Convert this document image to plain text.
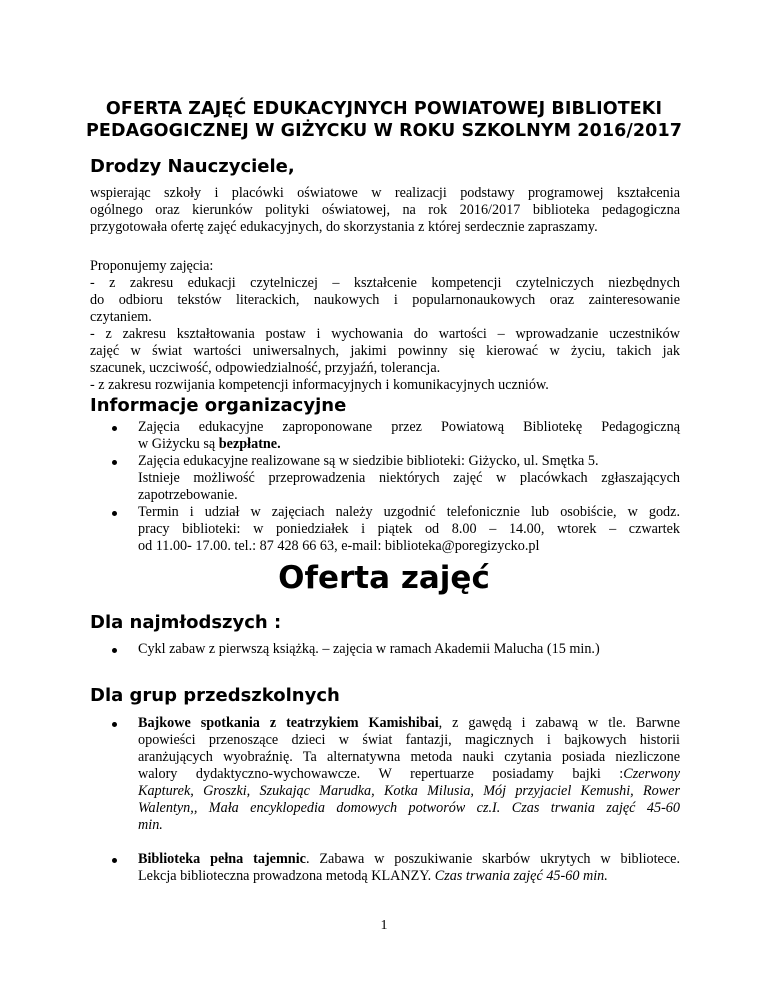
OFERTA ZAJĘĆ EDUKACYJNYCH POWIATOWEJ BIBLIOTEKI
PEDAGOGICZNEJ W GIŻYCKU W ROKU SZKOLNYM 2016/2017
Drodzy Nauczyciele,
wspierając szkoły i placówki oświatowe w realizacji podstawy programowej kształcenia
ogólnego oraz kierunków polityki oświatowej, na rok 2016/2017 biblioteka pedagogiczna
przygotowała ofertę zajęć edukacyjnych, do skorzystania z której serdecznie zapraszamy.
Proponujemy zajęcia:
- z zakresu edukacji czytelniczej – kształcenie kompetencji czytelniczych niezbędnych
do odbioru tekstów literackich, naukowych i popularnonaukowych oraz zainteresowanie
czytaniem.
- z zakresu kształtowania postaw i wychowania do wartości – wprowadzanie uczestników
zajęć w świat wartości uniwersalnych, jakimi powinny się kierować w życiu, takich jak
szacunek, uczciwość, odpowiedzialność, przyjaźń, tolerancja.
- z zakresu rozwijania kompetencji informacyjnych i komunikacyjnych uczniów.
Informacje organizacyjne
Zajęcia edukacyjne zaproponowane przez Powiatową Bibliotekę Pedagogiczną
w Giżycku są bezpłatne.
Zajęcia edukacyjne realizowane są w siedzibie biblioteki: Giżycko, ul. Smętka 5.
Istnieje możliwość przeprowadzenia niektórych zajęć w placówkach zgłaszających
zapotrzebowanie.
Termin i udział w zajęciach należy uzgodnić telefonicznie lub osobiście, w godz.
pracy biblioteki: w poniedziałek i piątek od 8.00 – 14.00, wtorek – czwartek
od 11.00- 17.00. tel.: 87 428 66 63, e-mail: biblioteka@poregizycko.pl
Oferta zajęć
Dla najmłodszych :
Cykl zabaw z pierwszą książką. – zajęcia w ramach Akademii Malucha (15 min.)
Dla grup przedszkolnych
Bajkowe spotkania z teatrzykiem Kamishibai, z gawędą i zabawą w tle. Barwne
opowieści przenoszące dzieci w świat fantazji, magicznych i bajkowych historii
aranżujących wyobraźnię. Ta alternatywna metoda nauki czytania posiada niezliczone
walory dydaktyczno-wychowawcze. W repertuarze posiadamy bajki :Czerwony
Kapturek, Groszki, Szukając Marudka, Kotka Milusia, Mój przyjaciel Kemushi, Rower
Walentyn,, Mała encyklopedia domowych potworów cz.I. Czas trwania zajęć 45-60
min.
Biblioteka pełna tajemnic. Zabawa w poszukiwanie skarbów ukrytych w bibliotece.
Lekcja biblioteczna prowadzona metodą KLANZY. Czas trwania zajęć 45-60 min.
1
